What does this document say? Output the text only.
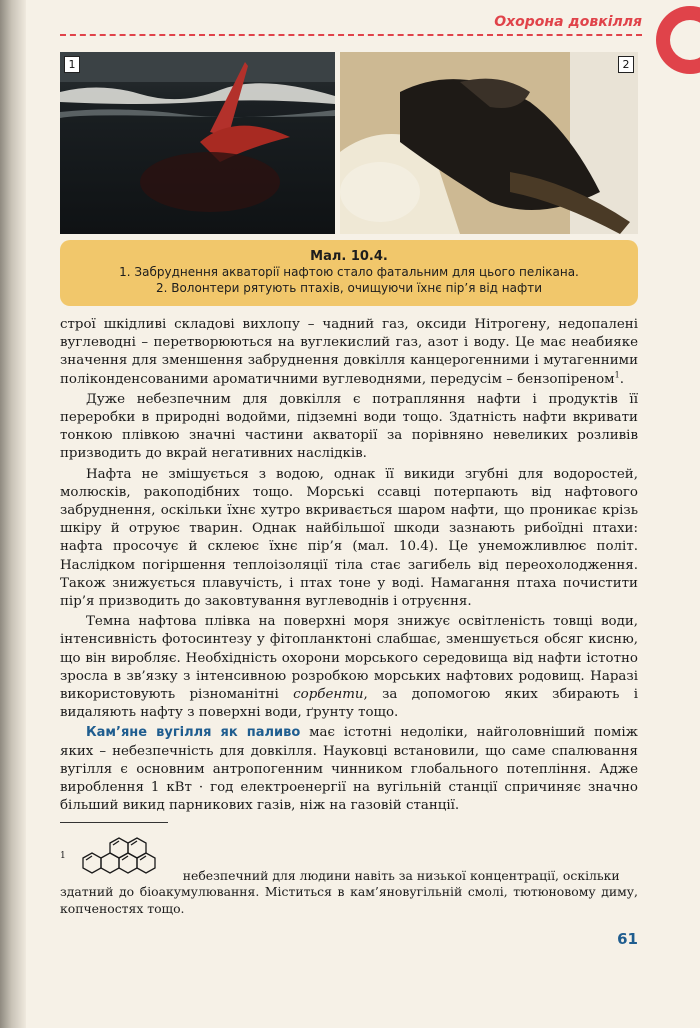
Охорона довкілля
1	2
Мал. 10.4.
1. Забруднення акваторії нафтою стало фатальним для цього пелікана.
2. Волонтери рятують птахів, очищуючи їхнє пір’я від нафти

строї шкідливі складові вихлопу – чадний газ, оксиди Нітрогену, недопалені вуглеводні – перетворюються на вуглекислий газ, азот і воду. Це має неабияке значення для зменшення забруднення довкілля канцерогенними і мутагенними поліконденсованими ароматичними вуглеводнями, передусім – бензопіреном$^1$.

Дуже небезпечним для довкілля є потрапляння нафти і продуктів її переробки в природні водойми, підземні води тощо. Здатність нафти вкривати тонкою плівкою значні частини акваторії за порівняно невеликих розливів призводить до вкрай негативних наслідків.

Нафта не змішується з водою, однак її викиди згубні для водоростей, молюсків, ракоподібних тощо. Морські ссавці потерпають від нафтового забруднення, оскільки їхнє хутро вкривається шаром нафти, що проникає крізь шкіру й отруює тварин. Однак найбільшої шкоди зазнають рибоїдні птахи: нафта просочує й склеює їхнє пір’я (мал. 10.4). Це унеможливлює політ. Наслідком погіршення теплоізоляції тіла стає загибель від переохолодження. Також знижується плавучість, і птах тоне у воді. Намагання птаха почистити пір’я призводить до заковтування вуглеводнів і отруєння.

Темна нафтова плівка на поверхні моря знижує освітленість товщі води, інтенсивність фотосинтезу у фітопланктоні слабшає, зменшується обсяг кисню, що він виробляє. Необхідність охорони морського середовища від нафти істотно зросла в зв’язку з інтенсивною розробкою морських нафтових родовищ. Наразі використовують різноманітні сорбенти, за допомогою яких збирають і видаляють нафту з поверхні води, ґрунту тощо.

Кам’яне вугілля як паливо має істотні недоліки, найголовніший поміж яких – небезпечність для довкілля. Науковці встановили, що саме спалювання вугілля є основним антропогенним чинником глобального потепління. Адже вироблення 1 кВт · год електроенергії на вугільній станції спричиняє значно більший викид парникових газів, ніж на газовій станції.

1
небезпечний для людини навіть за низької концентрації, оскільки
здатний до біоакумулювання. Міститься в кам’яновугільній смолі, тютюновому диму, копченостях тощо.
61
